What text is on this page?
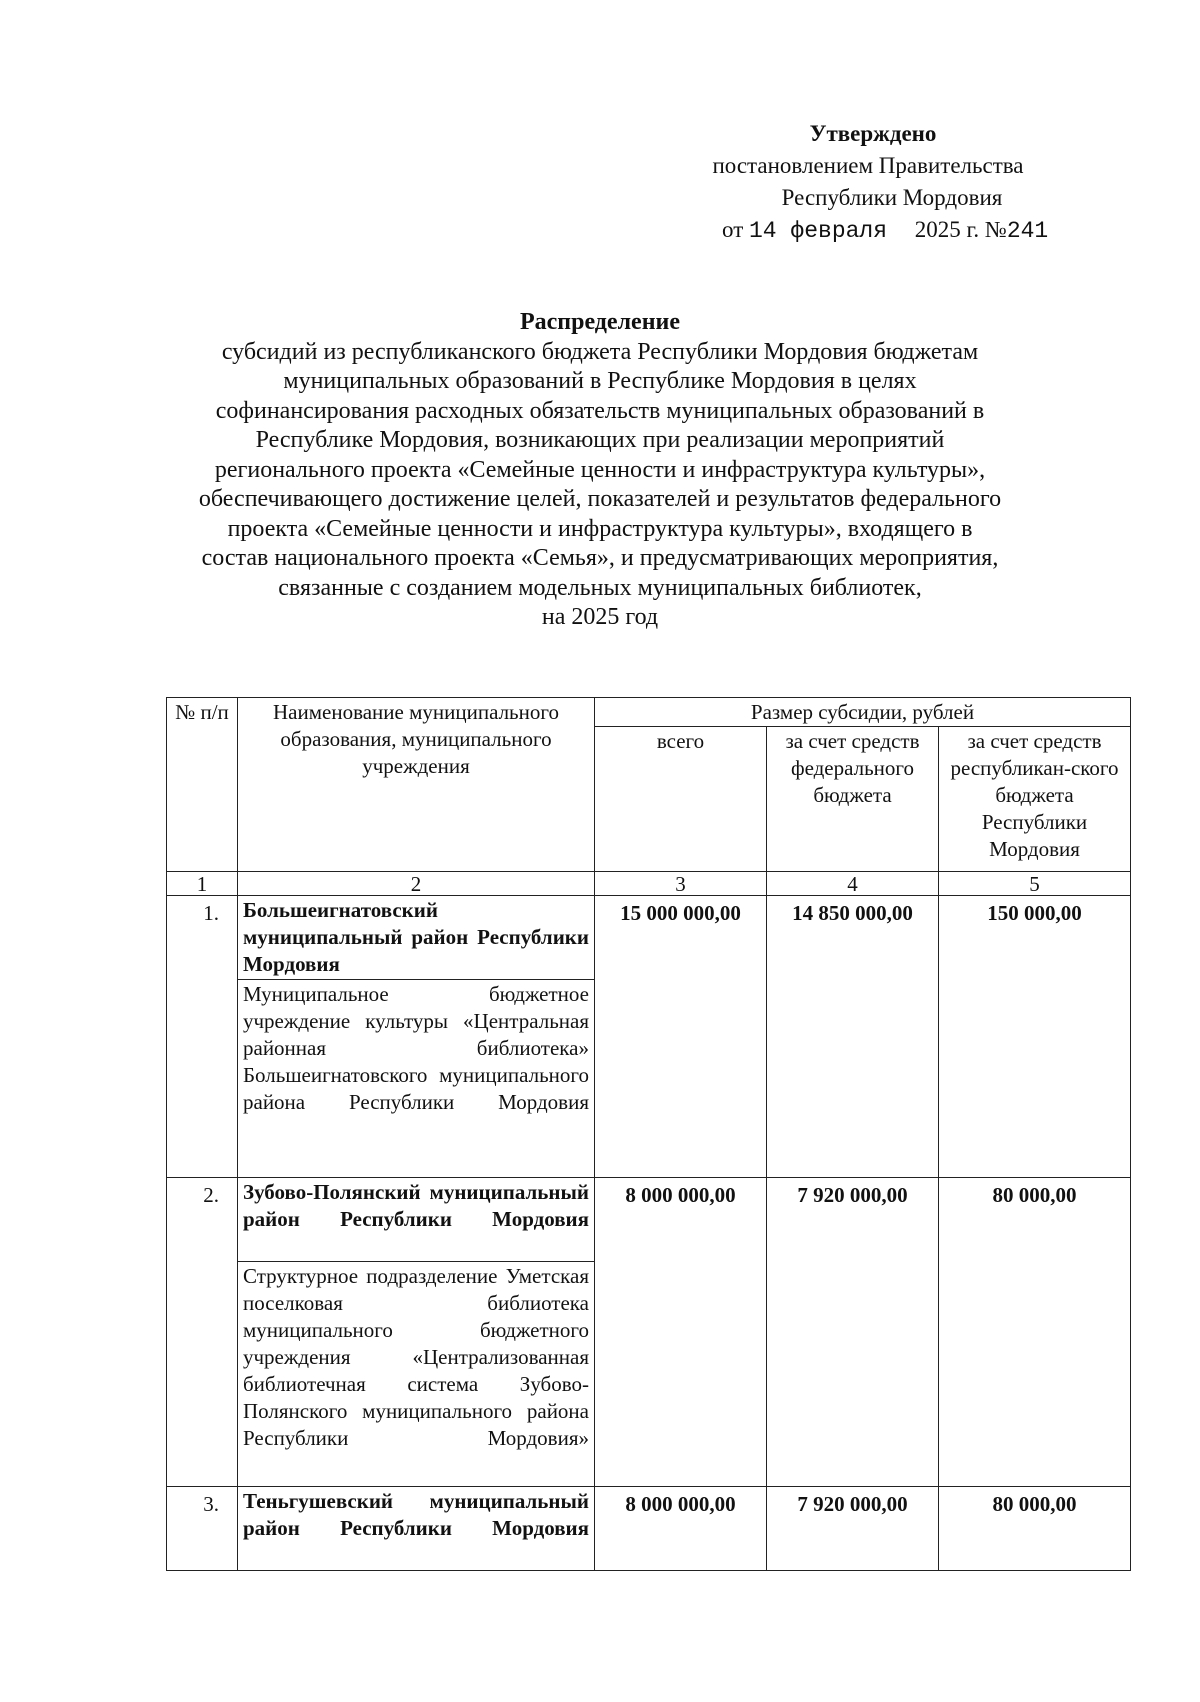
Утверждено
постановлением Правительства
Республики Мордовия
от 14 февраля 2025 г. №241
Распределение
субсидий из республиканского бюджета Республики Мордовия бюджетам
муниципальных образований в Республике Мордовия в целях
софинансирования расходных обязательств муниципальных образований в
Республике Мордовия, возникающих при реализации мероприятий
регионального проекта «Семейные ценности и инфраструктура культуры»,
обеспечивающего достижение целей, показателей и результатов федерального
проекта «Семейные ценности и инфраструктура культуры», входящего в
состав национального проекта «Семья», и предусматривающих мероприятия,
связанные с созданием модельных муниципальных библиотек,
на 2025 год
№ п/п	Наименование муниципального образования, муниципального учреждения	Размер субсидии, рублей		
		всего	за счет средств федерального бюджета	за счет средств республикан-ского бюджета Республики Мордовия
1	2	3	4	5
1.	Большеигнатовский муниципальный район Республики Мордовия	15 000 000,00	14 850 000,00	150 000,00
	Муниципальное бюджетное учреждение культуры «Центральная районная библиотека» Большеигнатовского муниципального района Республики Мордовия			
2.	Зубово-Полянский муниципальный район Республики Мордовия	8 000 000,00	7 920 000,00	80 000,00
	Структурное подразделение Уметская поселковая библиотека муниципального бюджетного учреждения «Централизованная библиотечная система Зубово-Полянского муниципального района Республики Мордовия»			
3.	Теньгушевский муниципальный район Республики Мордовия	8 000 000,00	7 920 000,00	80 000,00
